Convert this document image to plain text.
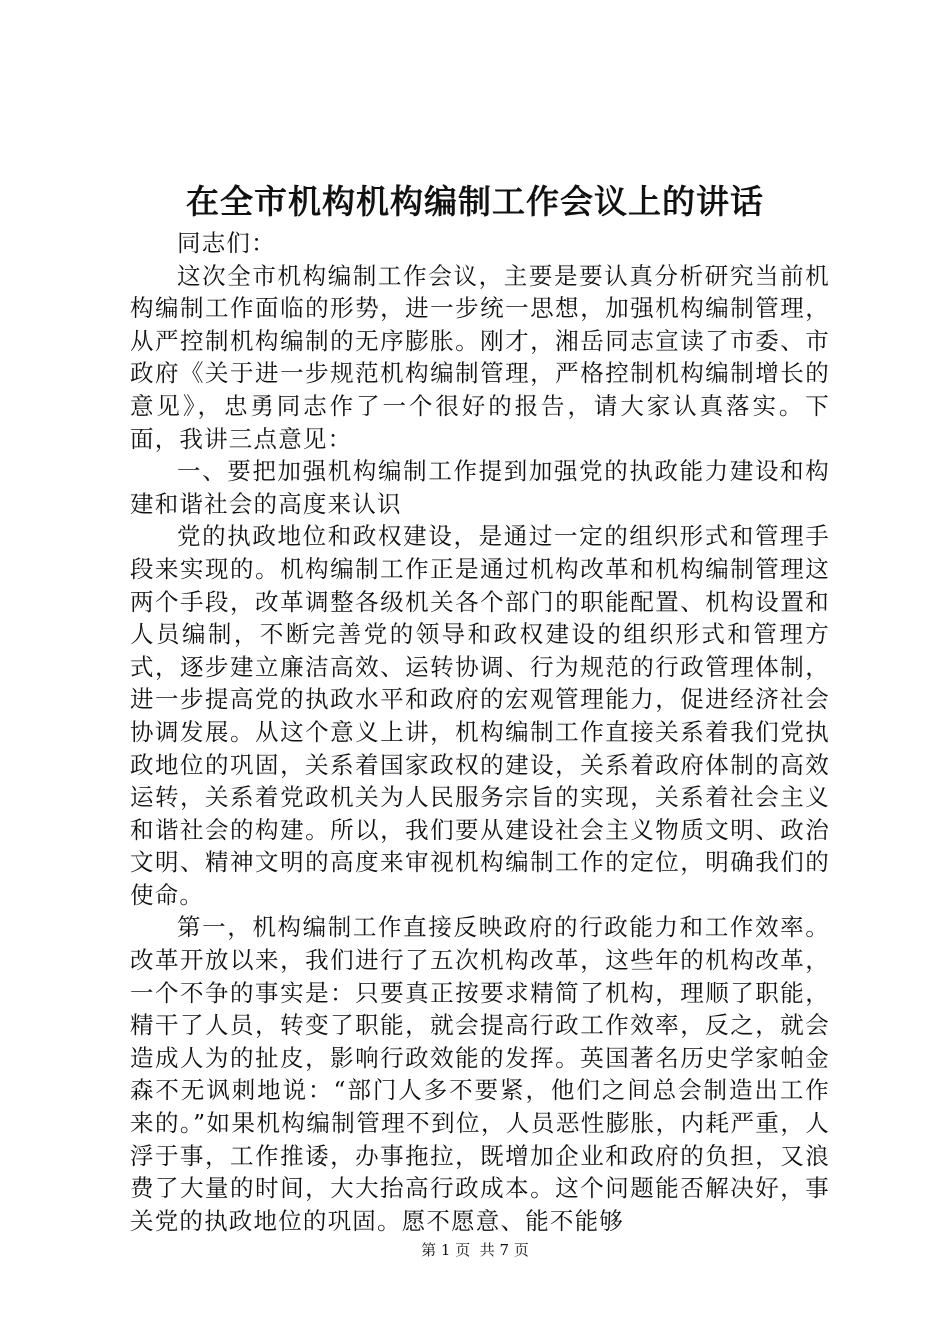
在全市机构机构编制工作会议上的讲话

同志们：

这次全市机构编制工作会议，主要是要认真分析研究当前机构编制工作面临的形势，进一步统一思想，加强机构编制管理，从严控制机构编制的无序膨胀。刚才，湘岳同志宣读了市委、市政府《关于进一步规范机构编制管理，严格控制机构编制增长的意见》，忠勇同志作了一个很好的报告，请大家认真落实。下面，我讲三点意见：

一、要把加强机构编制工作提到加强党的执政能力建设和构建和谐社会的高度来认识

党的执政地位和政权建设，是通过一定的组织形式和管理手段来实现的。机构编制工作正是通过机构改革和机构编制管理这两个手段，改革调整各级机关各个部门的职能配置、机构设置和人员编制，不断完善党的领导和政权建设的组织形式和管理方式，逐步建立廉洁高效、运转协调、行为规范的行政管理体制，进一步提高党的执政水平和政府的宏观管理能力，促进经济社会协调发展。从这个意义上讲，机构编制工作直接关系着我们党执政地位的巩固，关系着国家政权的建设，关系着政府体制的高效运转，关系着党政机关为人民服务宗旨的实现，关系着社会主义和谐社会的构建。所以，我们要从建设社会主义物质文明、政治文明、精神文明的高度来审视机构编制工作的定位，明确我们的使命。

第一，机构编制工作直接反映政府的行政能力和工作效率。改革开放以来，我们进行了五次机构改革，这些年的机构改革，一个不争的事实是：只要真正按要求精简了机构，理顺了职能，精干了人员，转变了职能，就会提高行政工作效率，反之，就会造成人为的扯皮，影响行政效能的发挥。英国著名历史学家帕金森不无讽刺地说：“部门人多不要紧，他们之间总会制造出工作来的。”如果机构编制管理不到位，人员恶性膨胀，内耗严重，人浮于事，工作推诿，办事拖拉，既增加企业和政府的负担，又浪费了大量的时间，大大抬高行政成本。这个问题能否解决好，事关党的执政地位的巩固。愿不愿意、能不能够

第 1 页  共 7 页
